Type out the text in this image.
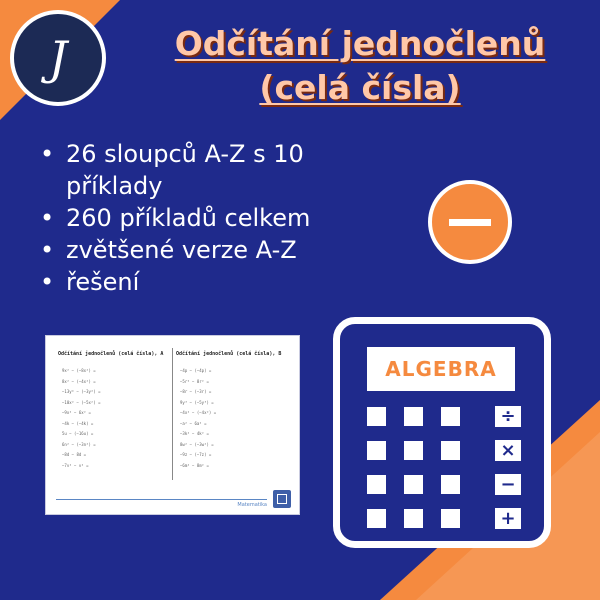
J	Odčítání jednočlenů
(celá čísla)
• 26 sloupců A-Z s 10 příklady
• 260 příkladů celkem
• zvětšené verze A-Z
• řešení
Odčítání jednočlenů (celá čísla), A	Odčítání jednočlenů (celá čísla), B
9x² − (−8x²) =
8x² − (−4x²) =
−13y⁴ − (−3y⁴) =
−10x² − (−5x²) =
−9x² − 6x² =
−4k − (−4k) =
5u − (−16u) =
6n² − (−3n²) =
−8d − 8d =
−7v² − v² =
−4p − (−4p) =
−5r² − 8r² =
−8r − (−3r) =
9y³ − (−5y³) =
−4x² − (−4x²) =
−a² − 6a² =
−3k² − 4k² =
8w² − (−3w²) =
−9z − (−7z) =
−6m² − 8m² =
Matematika
ALGEBRA
÷
×
−
+
